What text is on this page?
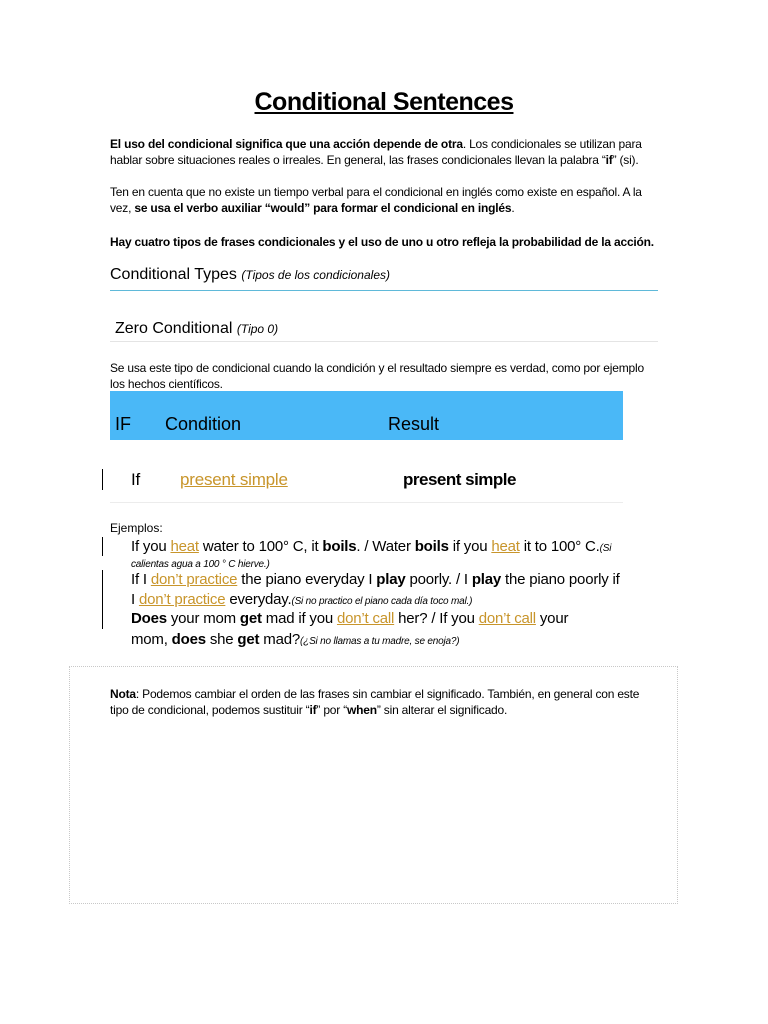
Conditional Sentences
El uso del condicional significa que una acción depende de otra. Los condicionales se utilizan para hablar sobre situaciones reales o irreales. En general, las frases condicionales llevan la palabra “if” (si).
Ten en cuenta que no existe un tiempo verbal para el condicional en inglés como existe en español. A la vez, se usa el verbo auxiliar “would” para formar el condicional en inglés.
Hay cuatro tipos de frases condicionales y el uso de uno u otro refleja la probabilidad de la acción.
Conditional Types (Tipos de los condicionales)
Zero Conditional (Tipo 0)
Se usa este tipo de condicional cuando la condición y el resultado siempre es verdad, como por ejemplo los hechos científicos.
IF Condition	Result
If present simple	present simple
Ejemplos:
If you heat water to 100° C, it boils. / Water boils if you heat it to 100° C.(Si
calientas agua a 100 ° C hierve.)
If I don’t practice the piano everyday I play poorly. / I play the piano poorly if
I don’t practice everyday.(Si no practico el piano cada día toco mal.)
Does your mom get mad if you don’t call her? / If you don’t call your
mom, does she get mad?(¿Si no llamas a tu madre, se enoja?)
Nota: Podemos cambiar el orden de las frases sin cambiar el significado. También, en general con este tipo de condicional, podemos sustituir “if” por “when” sin alterar el significado.
